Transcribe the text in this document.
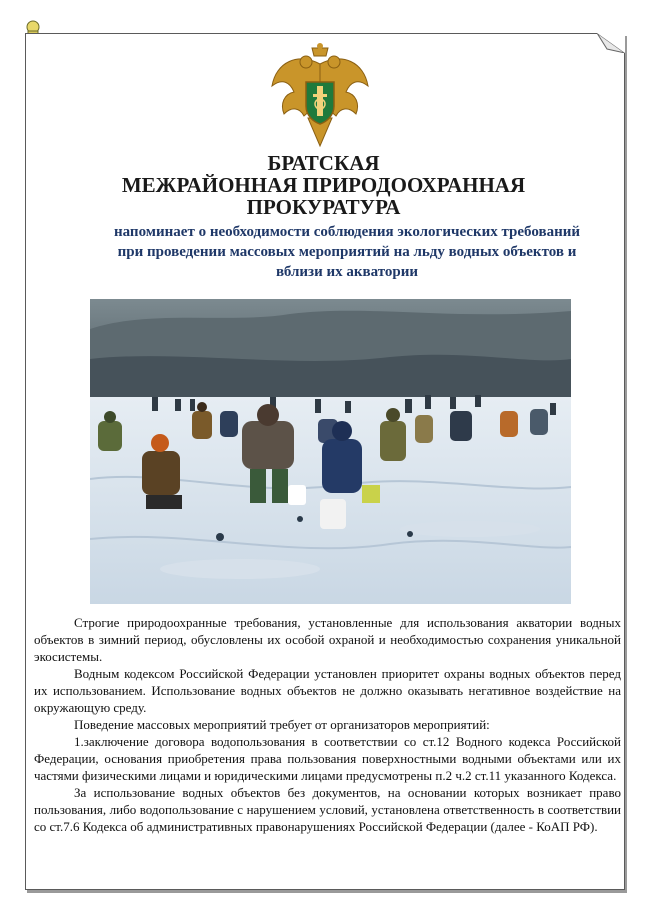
БРАТСКАЯ
МЕЖРАЙОННАЯ ПРИРОДООХРАННАЯ
ПРОКУРАТУРА

напоминает о необходимости соблюдения экологических требований при проведении массовых мероприятий на льду водных объектов и вблизи их акватории

Строгие природоохранные требования, установленные для использования акватории водных объектов в зимний период, обусловлены их особой охраной и необходимостью сохранения уникальной экосистемы.

Водным кодексом Российской Федерации установлен приоритет охраны водных объектов перед их использованием. Использование водных объектов не должно оказывать негативное воздействие на окружающую среду.

Поведение массовых мероприятий требует от организаторов мероприятий:

1.заключение договора водопользования в соответствии со ст.12 Водного кодекса Российской Федерации, основания приобретения права пользования поверхностными водными объектами или их частями физическими лицами и юридическими лицами предусмотрены п.2 ч.2 ст.11 указанного Кодекса.

За использование водных объектов без документов, на основании которых возникает право пользования, либо водопользование с нарушением условий, установлена ответственность в соответствии со ст.7.6 Кодекса об административных правонарушениях Российской Федерации (далее - КоАП РФ).
